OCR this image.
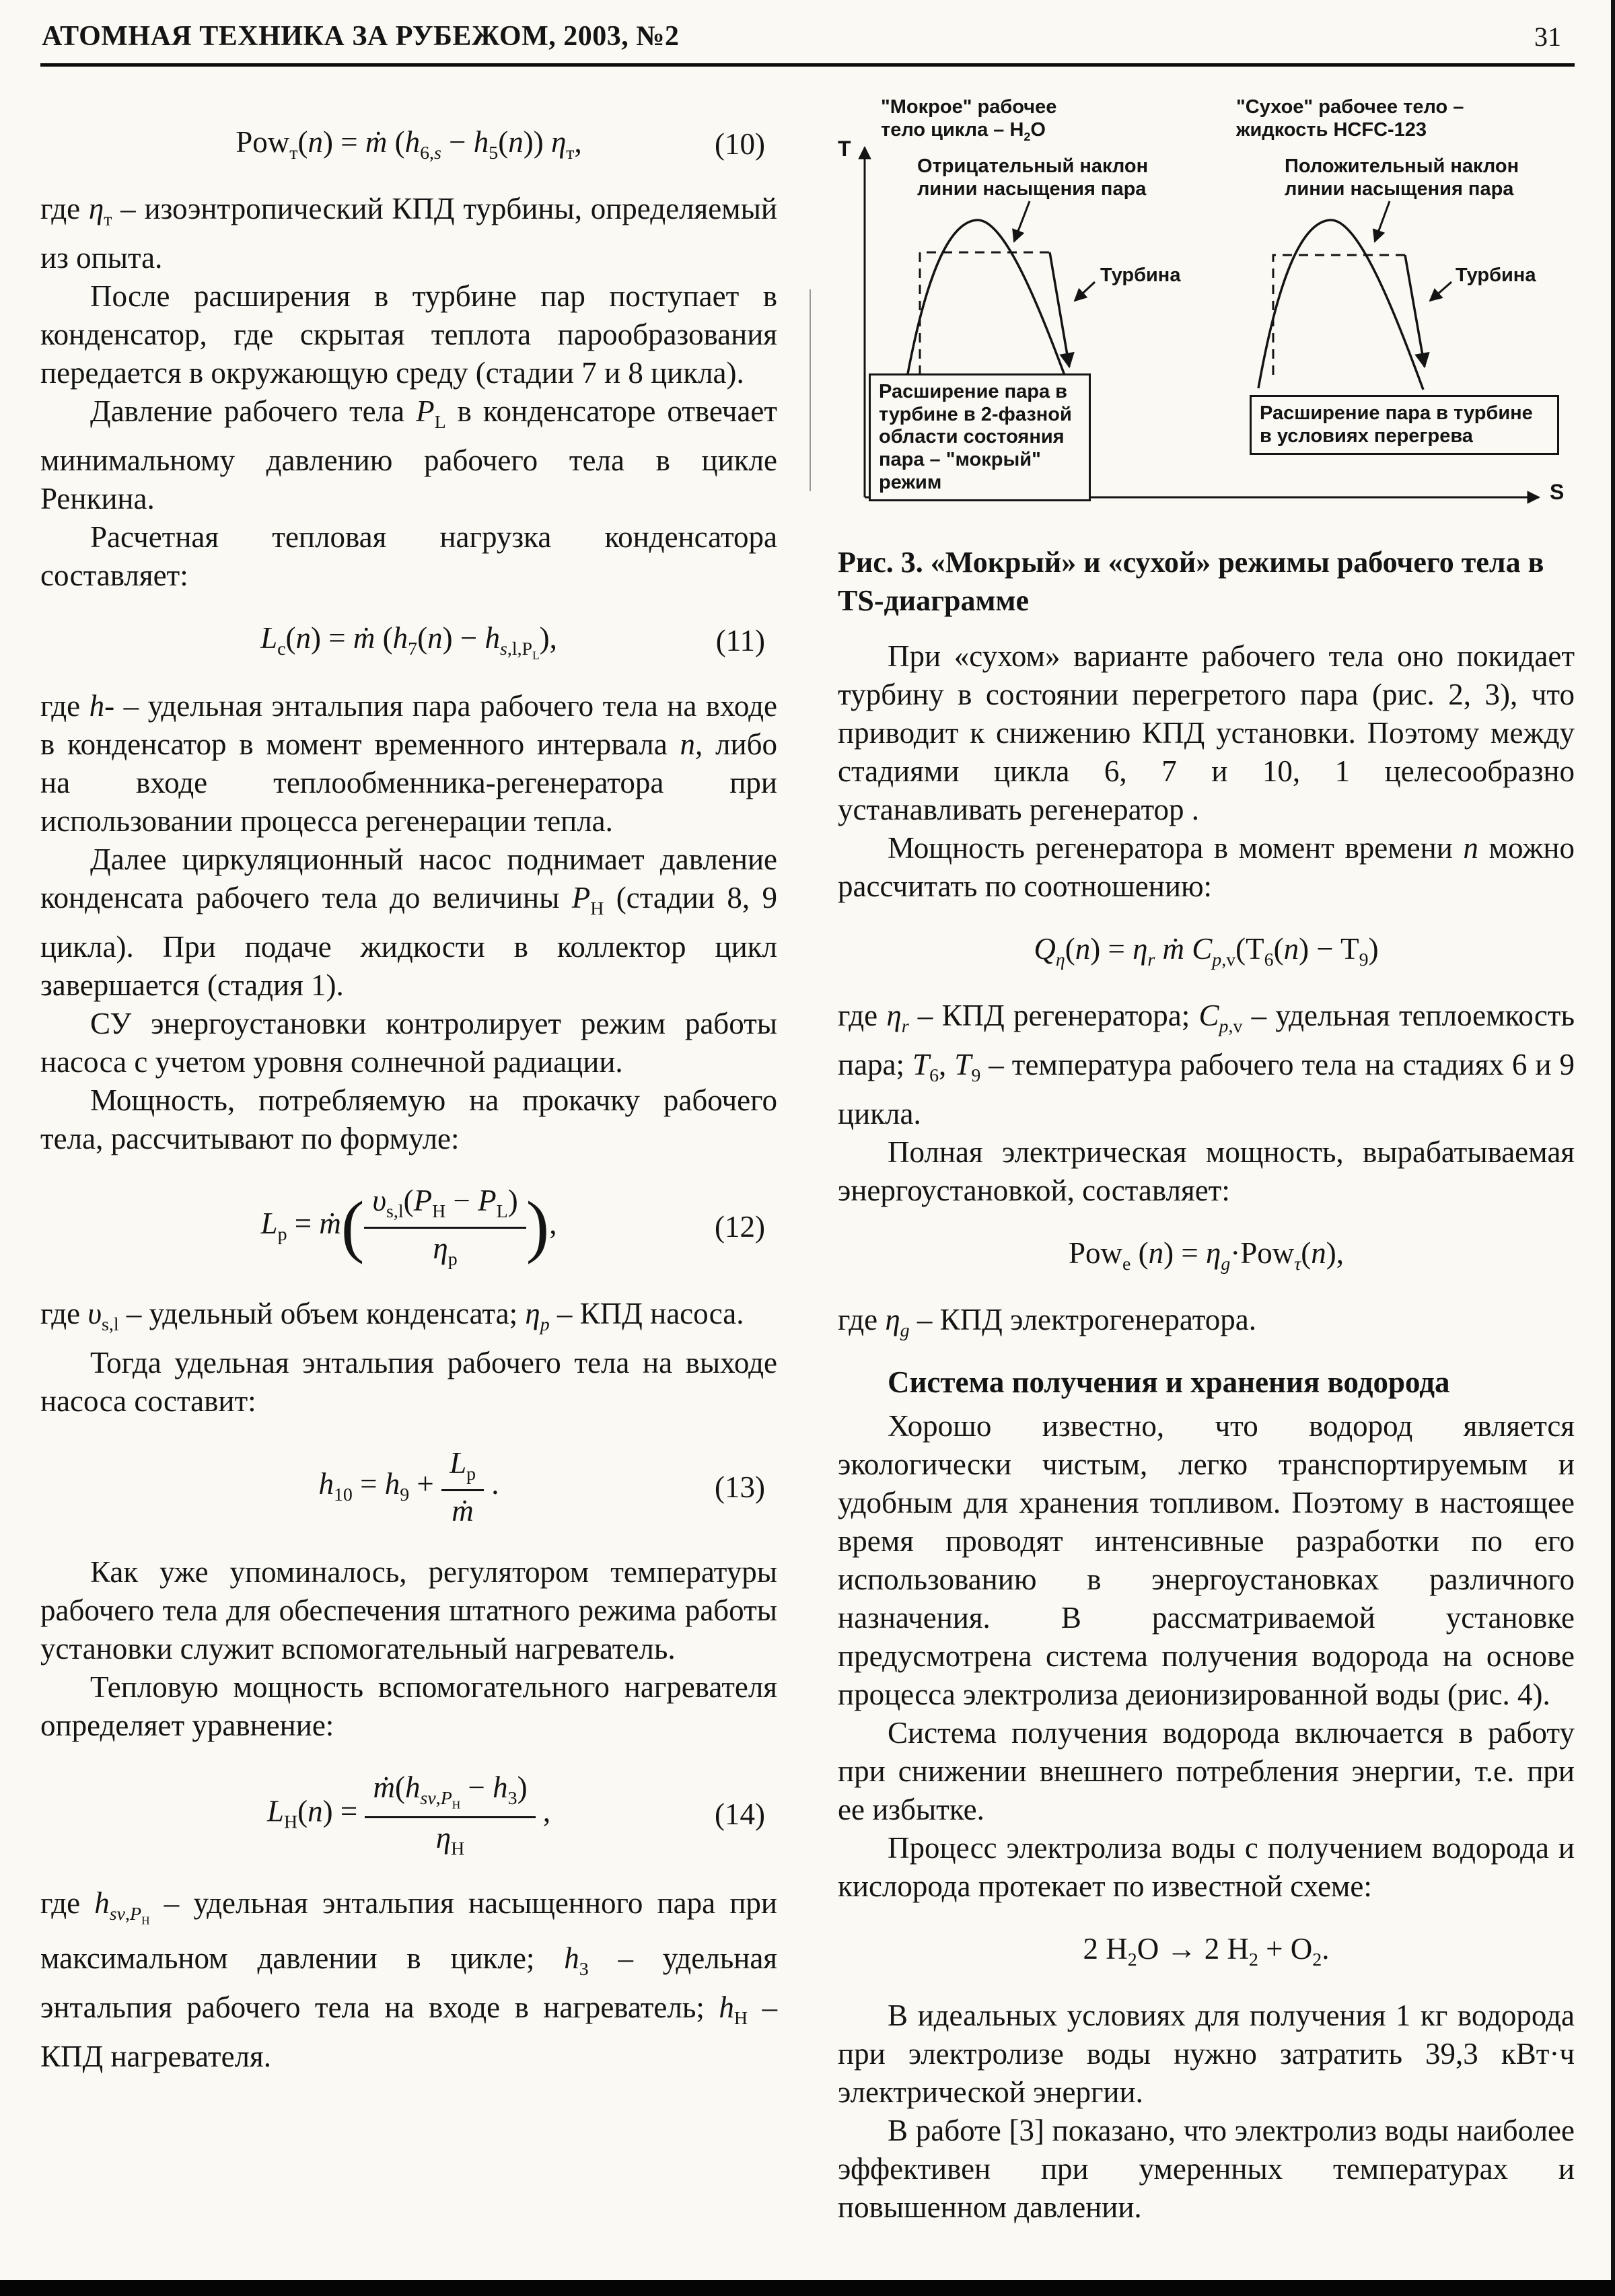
АТОМНАЯ ТЕХНИКА ЗА РУБЕЖОМ, 2003, №2	31
Pow$_т$(n) = ṁ $(h_{6,s} - h_5(n))$ $\eta_т$,	(10)

где $\eta_т$ – изоэнтропический КПД турбины, определяемый из опыта.

После расширения в турбине пар поступает в конденсатор, где скрытая теплота парообразования передается в окружающую среду (стадии 7 и 8 цикла).

Давление рабочего тела $P_L$ в конденсаторе отвечает минимальному давлению рабочего тела в цикле Ренкина.

Расчетная тепловая нагрузка конденсатора составляет:

$L_c(n)$ = ṁ $(h_7(n) - h_{s,l,P_L})$,	(11)

где h- – удельная энтальпия пара рабочего тела на входе в конденсатор в момент временного интервала n, либо на входе теплообменника-регенератора при использовании процесса регенерации тепла.

Далее циркуляционный насос поднимает давление конденсата рабочего тела до величины $P_Н$ (стадии 8, 9 цикла). При подаче жидкости в коллектор цикл завершается (стадия 1).

СУ энергоустановки контролирует режим работы насоса с учетом уровня солнечной радиации.

Мощность, потребляемую на прокачку рабочего тела, рассчитывают по формуле:

$L_p$ = ṁ( $\frac{\upsilon_{s,l}(P_Н - P_L)}{\eta_p}$ ),	(12)

где $\upsilon_{s,l}$ – удельный объем конденсата; $\eta_p$ – КПД насоса.

Тогда удельная энтальпия рабочего тела на выходе насоса составит:

$h_{10} = h_9 + \frac{L_p}{\text{ṁ}}$ .	(13)

Как уже упоминалось, регулятором температуры рабочего тела для обеспечения штатного режима работы установки служит вспомогательный нагреватель.

Тепловую мощность вспомогательного нагревателя определяет уравнение:

$L_Н(n) = \frac{ṁ(h_{sv,P_Н} - h_3)}{\eta_Н}$ ,	(14)

где $h_{sv,P_Н}$ – удельная энтальпия насыщенного пара при максимальном давлении в цикле; $h_3$ – удельная энтальпия рабочего тела на входе в нагреватель; $h_Н$ – КПД нагревателя.

"Мокрое" рабочее тело цикла – $H_2O$
"Сухое" рабочее тело – жидкость HCFC-123
Отрицательный наклон линии насыщения пара
Положительный наклон линии насыщения пара
Турбина	Турбина
Расширение пара в турбине в 2-фазной области состояния пара – "мокрый" режим
Расширение пара в турбине в условиях перегрева
T
S
Рис. 3. «Мокрый» и «сухой» режимы рабочего тела в TS-диаграмме

При «сухом» варианте рабочего тела оно покидает турбину в состоянии перегретого пара (рис. 2, 3), что приводит к снижению КПД установки. Поэтому между стадиями цикла 6, 7 и 10, 1 целесообразно устанавливать регенератор .

Мощность регенератора в момент времени n можно рассчитать по соотношению:

$Q_\eta(n) = \eta_r$ ṁ $C_{p,v}(T_6(n) - T_9)$

где $\eta_r$ – КПД регенератора; $C_{p,v}$ – удельная теплоемкость пара; $Т_6$, $Т_9$ – температура рабочего тела на стадиях 6 и 9 цикла.

Полная электрическая мощность, вырабатываемая энергоустановкой, составляет:

Pow$_e$ $(n) = \eta_g\cdot Pow_\tau(n)$,

где $\eta_g$ – КПД электрогенератора.

Система получения и хранения водорода

Хорошо известно, что водород является экологически чистым, легко транспортируемым и удобным для хранения топливом. Поэтому в настоящее время проводят интенсивные разработки по его использованию в энергоустановках различного назначения. В рассматриваемой установке предусмотрена система получения водорода на основе процесса электролиза деионизированной воды (рис. 4).

Система получения водорода включается в работу при снижении внешнего потребления энергии, т.е. при ее избытке.

Процесс электролиза воды с получением водорода и кислорода протекает по известной схеме:

2 $H_2O \to 2$ $H_2 + O_2$.

В идеальных условиях для получения 1 кг водорода при электролизе воды нужно затратить 39,3 кВт·ч электрической энергии.

В работе [3] показано, что электролиз воды наиболее эффективен при умеренных температурах и повышенном давлении.
